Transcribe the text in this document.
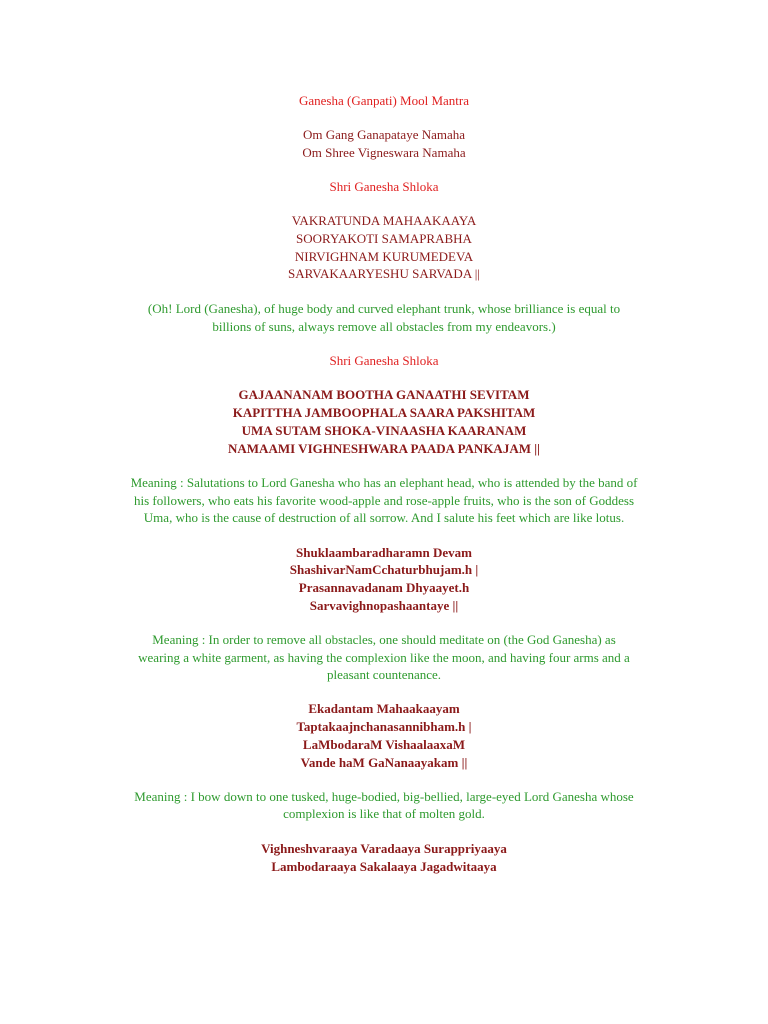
Ganesha (Ganpati) Mool Mantra

Om Gang Ganapataye Namaha

Om Shree Vigneswara Namaha

Shri Ganesha Shloka

VAKRATUNDA MAHAAKAAYA

SOORYAKOTI SAMAPRABHA

NIRVIGHNAM KURUMEDEVA

SARVAKAARYESHU SARVADA ||

(Oh! Lord (Ganesha), of huge body and curved elephant trunk, whose brilliance is equal to

billions of suns, always remove all obstacles from my endeavors.)

Shri Ganesha Shloka

GAJAANANAM BOOTHA GANAATHI SEVITAM

KAPITTHA JAMBOOPHALA SAARA PAKSHITAM

UMA SUTAM SHOKA-VINAASHA KAARANAM

NAMAAMI VIGHNESHWARA PAADA PANKAJAM ||

Meaning : Salutations to Lord Ganesha who has an elephant head, who is attended by the band of

his followers, who eats his favorite wood-apple and rose-apple fruits, who is the son of Goddess

Uma, who is the cause of destruction of all sorrow. And I salute his feet which are like lotus.

Shuklaambaradharamn Devam

ShashivarNamCchaturbhujam.h |

Prasannavadanam Dhyaayet.h

Sarvavighnopashaantaye ||

Meaning : In order to remove all obstacles, one should meditate on (the God Ganesha) as

wearing a white garment, as having the complexion like the moon, and having four arms and a

pleasant countenance.

Ekadantam Mahaakaayam

Taptakaajnchanasannibham.h |

LaMbodaraM VishaalaaxaM

Vande haM GaNanaayakam ||

Meaning : I bow down to one tusked, huge-bodied, big-bellied, large-eyed Lord Ganesha whose

complexion is like that of molten gold.

Vighneshvaraaya Varadaaya Surappriyaaya

Lambodaraaya Sakalaaya Jagadwitaaya
